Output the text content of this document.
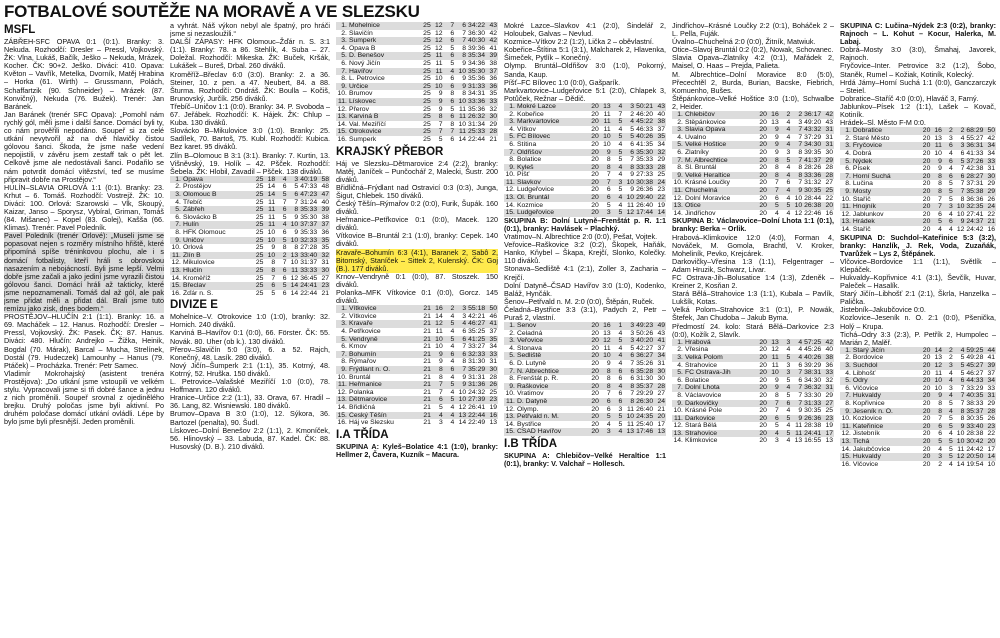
FOTBALOVÉ SOUTĚŽE NA MORAVĚ A VE SLEZSKU
MSFL

ZÁBŘEH-SFC OPAVA 0:1 (0:1). Branky: 3. Nekuda. Rozhodčí: Dresler – Pressl, Vojkovský. ŽK: Vlna, Lukáš, Bačík, Ješko – Nekuda, Mrázek, Kocher. ČK: 90+2. Ješko. Diváci: 410. Opava: Květon – Vavřík, Metelka, Dvorník, Matěj Hrabina – Horka (61. Wirth) – Grussmann, Polách, Schaffartzik (90. Schneider) – Mrázek (87. Konvičný), Nekuda (76. Bužek). Trenér: Jan Baránek.

Jan Baránek (trenér SFC Opava): „Pomohl nám rychlý gól, měli jsme i další šance. Domácí byli ty, co nám prověřili nepodáno. Soupeř si za celé utkání nevytvořil až na dvě hlavičky čistou gólovou šanci. Škoda, že jsme naše vedení nepojistili, v závěru jsem zestaff tak o pět let. Celkově jsme ale nedostávali šanci. Podařilo se nám potvrdit domácí vítězství, teď se musíme připravit dobře na Prostějov.“

HULÍN–SLAVIA ORLOVÁ 1:1 (0:1). Branky: 23. Krhut – 6. Tomáš. Rozhodčí: Vostrejž. ŽK: 10. Diváci: 100. Orlová: Szarowski – Vlk, Skoupý, Kaizar, Janso – Sporysz, Vybíral, Griman, Tomáš (84. Mišanec) – Kopel (83. Golej), Kašša (66. Klimas). Trenér: Pavel Poledník.

Pavel Poledník (trenér Orlové): „Museli jsme se popasovat nejen s rozměry místního hřiště, které připomíná spíše tréninkovou plochu, ale i s domácí fotbalisty, kteří hráli s obrovskou nasazením a nebojácností. Byli jsme lepší. Velmi dobře jsme začali a jako jediní jsme vyrazili čistou gólovou šanci. Domácí hráli až takticky, které jsme nepoznamenali. Tomáš dal až gól, ale pak jsme přidat měli a přidat dál. Brali jsme tuto remízu jako zisk, dnes bodem.“

PROSTĚJOV–HLUČÍN 2:1 (1:1). Branky: 16. a 69. Macháček – 12. Hanus. Rozhodčí: Dresler – Pressl, Vojkovský. ŽK: Pasek. ČK: 87. Hanus. Diváci: 480. Hlučín: Andrejko – Žižka, Heinik, Bogdal (70. Márak), Barcal – Mucha, Strelínek, Dostál (79. Hudeczek) Lamounhy – Hanus (79. Ptáček) – Procházka. Trenér: Petr Samec.

Vladimír Mokrohajský (asistent trenéra Prostějova): „Do utkání jsme vstoupili ve velkém stylu. Vypracovali jsme si tři dobré šance a jednu z nich proměnili. Soupeř srovnal z ojedinělého brejku. Druhý poločas jsme byli aktivní. Po druhém poločase domácí utkání ovládli. Lépe by bylo jsme byli přesnější. Jeden proměnili.

a vyhrát. Náš výkon nebyl ale špatný, pro hráči jsme si nezasloužili.“

DALŠÍ ZÁPASY: HFK Olomouc–Žďár n. S. 3:1 (1:1). Branky: 78. a 86. Stehlík, 4. Suba – 27. Doležal. Rozhodčí: Mikeska. ŽK: Buček, Kršák, Lukášek – Bureš, Drbal. 260 diváků.

Kroměříž–Břeclav 6:0 (3:0). Branky: 2. a 36. Steiner, 10. z pen. a 47. Neubert, 84. a 88. Šturma. Rozhodčí: Ondráš. ŽK: Boulla – Kočiš, Brunovský, Jurčík. 256 diváků.

Třebíč–Uničov 1:1 (0:0). Branky: 34. P. Svoboda – 67. Jeřábek. Rozhodčí: K. Hájek. ŽK: Chlup – Kuba. 130 diváků.

Slovácko B–Mikulovice 3:0 (1:0). Branky: 25. Sadílek, 70. Bartoš, 75. Kubl. Rozhodčí: Kubica. Bez karet. 95 diváků.

Zlín B–Olomouc B 3:1 (3:1). Branky: 7. Kurtin, 13. Višněvský, 19. Holík – 42. Pšček. Rozhodčí: Šebela. ŽK: Hlobil, Zavadil – Pšček. 138 diváků.

1.	Opava	25	18	4	3	40:19	58
2.	Prostějov	25	14	6	5	47:33	48
3.	Olomouc B	25	14	5	6	47:23	47
4.	Třebíč	25	11	7	7	31:24	40
5.	Zábřeh	25	11	6	8	35:33	39
6.	Slovácko B	25	11	5	9	35:30	38
7.	Hulín	25	11	4	10	37:37	37
8.	HFK Olomouc	25	10	6	9	35:33	36
9.	Uničov	25	10	5	10	32:33	35
10.	Orlová	25	9	8	8	27:28	35
11.	Zlín B	25	10	2	13	33:40	32
12.	Mikulovice	25	8	7	10	31:37	31
13.	Hlučín	25	8	6	11	33:33	30
14.	Kroměříž	25	7	6	12	36:45	27
15.	Břeclav	25	6	5	14	24:41	23
16.	Žďár n. S.	25	5	6	14	22:44	21
DIVIZE E

Mohelnice–V. Otrokovice 1:0 (1:0), branky: 32. Hornich. 240 diváků.

Karviná B–Havířov 0:1 (0:0), 66. Förster. ČK: 55. Novák. 80. Uher (ob k.). 130 diváků.

Přerov–Slavičín 5:0 (3:0), 6. a 52. Rajch, Konečný, 48. Lasík. 280 diváků.

Nový Jičín–Šumperk 2:1 (1:1), 35. Kotrný, 48. Kotrný, 52. Hruška. 150 diváků.

L. Petrovice–Valašské Meziříčí 1:0 (0:0), 78. Hoffmann. 120 diváků.

Hranice–Určice 2:2 (1:1), 33. Orava, 67. Hradil – 36. Lang, 82. Wisniewski. 180 diváků.

Brumov–Opava B 3:0 (1:0), 12. Sýkora, 36. Bartozel (penalta), 90. Šudl.

Lískovec–Dolní Benešov 2:2 (1:1), 2. Kmoníček, 56. Hlinovský – 33. Labuda, 87. Kadel. ČK: 88. Husovský (D. B.). 210 diváků.

1.	Mohelnice	25	12	7	6	34:22	43
2.	Slavičín	25	12	6	7	36:30	42
3.	Šumperk	25	12	6	7	40:30	42
4.	Opava B	25	12	5	8	39:36	41
5.	D. Benešov	25	11	6	8	35:34	39
6.	Nový Jičín	25	11	5	9	34:36	38
7.	Havířov	25	11	4	10	35:30	37
8.	L. Petrovice	25	10	6	9	35:36	36
9.	Určice	25	10	6	9	31:33	36
10.	Brumov	25	9	8	8	34:31	35
11.	Lískovec	25	9	6	10	33:36	33
12.	Přerov	25	9	5	11	35:36	32
13.	Karviná B	25	8	6	11	26:32	30
14.	Val. Meziříčí	25	7	8	10	31:34	29
15.	Otrokovice	25	7	7	11	25:33	28
16.	Šumperk	25	5	6	14	22:44	21
KRAJSKÝ PŘEBOR

Háj ve Slezsku–Dětmarovice 2:4 (2:2), branky: Matěj, Janíček – Punčochář 2, Malecki, Šustr. 200 diváků.

Břidličná–Frýdlant nad Ostravicí 0:3 (0:3), Junga, Šigut, Chlebek. 150 diváků.

Český Těšín–Rýmařov 0:2 (0:0), Furik, Šupák. 160 diváků.

Heřmanice–Petřkovice 0:1 (0:0), Macek. 120 diváků.

Vítkovice B–Bruntál 2:1 (1:0), branky: Cepek. 140 diváků.

Kravaře–Bohumín 6:3 (4:1), Baranek 2, Sabô 2, Bitomský, Staníček – Sittek 2, Kulenský. ČK: Goj (B.). 177 diváků.

Krnov–Vendryně 0:1 (0:0), 87. Stoszek. 150 diváků.

Polanka–MFK Vítkovice 0:1 (0:0), Gorcz. 145 diváků.

1.	Vítkovice	21	16	2	3	55:18	50
2.	Vítkovice	21	14	4	3	42:21	46
3.	Kravaře	21	12	5	4	46:27	41
4.	Petřkovice	21	11	4	6	35:25	37
5.	Vendryně	21	10	5	6	41:25	35
6.	Krnov	21	10	4	7	33:27	34
7.	Bohumín	21	9	6	6	32:33	33
8.	Rýmařov	21	9	4	8	31:30	31
9.	Frýdlant n. O.	21	8	6	7	35:29	30
10.	Bruntál	21	8	4	9	31:31	28
11.	Heřmanice	21	7	5	9	31:36	26
12.	Polanka	21	7	4	10	24:32	25
13.	Dětmarovice	21	6	5	10	27:39	23
14.	Břidličná	21	5	4	12	26:41	19
15.	Český Těšín	21	4	4	13	22:44	16
16.	Háj ve Slezsku	21	3	4	14	22:49	13
I.A TŘÍDA

SKUPINA A: Kyleš–Bolatice 4:1 (1:0), branky: Hellmer 2, Čavera, Kuzník – Macura.

Mokré Lazce–Slavkov 4:1 (2:0), Šindelář 2, Holoubek, Galvas – Nevlud.

Kozmice–Vítkov 2:2 (1:2), Lička 2 – oběvlastní.

Kobeřice–Štítina 5:1 (3:1), Malcharek 2, Hlavenka, Šimeček, Pytlík – Konečný.

Olymp. Bruntál–Oldřišov 3:0 (1:0), Pokorný, Sanda, Kaup.

Píšť–FC Bílovec 1:0 (0:0), Gašparík.

Markvartovice–Ludgeřovice 5:1 (2:0), Chlapek 3, Potůček, Režnar – Dědič.

1.	Mokré Lazce	20	13	4	3	50:21	43
2.	Kobeřice	20	11	7	2	46:20	40
3.	Markvartovice	20	11	5	4	45:22	38
4.	Vítkov	20	11	4	5	46:33	37
5.	FC Bílovec	20	10	5	5	40:26	35
6.	Štítina	20	10	4	6	41:35	34
7.	Oldřišov	20	9	5	6	35:30	32
8.	Bolatice	20	8	5	7	35:33	29
9.	Kyleš	20	8	4	8	33:33	28
10.	Píšť	20	7	4	9	27:33	25
11.	Slavkov	20	7	3	10	30:38	24
12.	Ludgeřovice	20	6	5	9	26:36	23
13.	Ol. Bruntál	20	6	4	10	29:40	22
14.	Kozmice	20	5	4	11	26:40	19
15.	Ludgeřovice	20	3	5	12	17:44	14

SKUPINA B: Dolní Lutyně–Frenštát p. R. 1:1 (0:1), branky: Havlásek – Plachký.

Vratimov–N. Albrechtice 2:0 (0:0), Pešat, Vojtek.

Veřovice–Raškovice 3:2 (0:2), Škopek, Haňák, Hanko, Kňybel – Škapa, Krejčí, Slonko, Kolečky. 110 diváků.

Stonava–Sedliště 4:1 (2:1), Zoller 3, Zacharia – Krejčí.

Dolní Datyně–ČSAD Havířov 3:0 (1:0), Kodenko, Baláž, Hynčák.

Šenov–Petřvald n. M. 2:0 (0:0), Štěpán, Ruček.

Čeladná–Bystřice 3:3 (3:1), Padych 2, Petr – Puraš 2, vlastní.

1.	Šenov	20	16	1	3	49:23	49
2.	Čeladná	20	13	4	3	50:26	43
3.	Veřovice	20	12	5	3	40:20	41
4.	Stonava	20	11	4	5	42:27	37
5.	Sedliště	20	10	4	6	36:27	34
6.	D. Lutyně	20	9	4	7	35:26	31
7.	N. Albrechtice	20	8	6	6	35:28	30
8.	Frenštát p. R.	20	8	6	6	31:30	30
9.	Raškovice	20	8	4	8	35:37	28
10.	Vratimov	20	7	6	7	29:29	27
11.	D. Datyně	20	6	6	8	26:30	24
12.	Olymp.	20	6	3	11	26:40	21
13.	Petřvald n. M.	20	5	5	10	24:35	20
14.	Bystřice	20	4	5	11	25:40	17
15.	ČSAD Havířov	20	3	4	13	17:46	13
I.B TŘÍDA

SKUPINA A: Chlebičov–Velké Heraltice 1:1 (0:1), branky: V. Valchař – Hollesch.

Jindřichov–Krásné Loučky 2:2 (0:1), Boháček 2 – L. Pella, Fuják.

Úvalno–Chuchelná 2:0 (0:0), Žitník, Matwiuk.

Otice–Slavoj Bruntál 0:2 (0:2), Nowak, Schovanec.

Slavia Opava–Zlatníky 4:2 (0:1), Mařádek 2, Maisel, O. Haas – Prejda, Palieta.

M. Albrechtice–Dolní Moravice 8:0 (5:0), Přecechtěl 2, Burda, Burian, Bacske, Fiebrich, Komuenho, Bušes.

Štěpánkovice–Velké Hoštice 3:0 (1:0), Schwalbe 2, Heider.

1.	Chlebičov	20	16	2	2	36:17	42
2.	Štěpánkovice	20	13	4	3	49:20	43
3.	Slavia Opava	20	9	4	7	43:32	31
4.	Úvalno	20	9	4	7	37:29	31
5.	Velké Hoštice	20	9	4	7	34:30	31
6.	Zlatníky	20	9	3	8	39:35	30
7.	M. Albrechtice	20	8	5	7	41:37	29
8.	Sl. Bruntál	20	8	4	8	28:26	28
9.	Velké Heraltice	20	8	4	8	33:36	28
10.	Krásné Loučky	20	7	6	7	31:32	27
11.	Chuchelná	20	7	4	9	30:35	25
12.	Dolní Moravice	20	6	4	10	28:44	22
13.	Otice	20	5	5	10	26:38	20
14.	Jindřichov	20	4	4	12	22:46	16

SKUPINA B: Václavovice–Dolní Lhota 1:1 (0:1), branky: Berka – Orlik.

Hrabová–Klimkovice 12:0 (4:0), Forman 4, Nováček, M. Gomola, Brachtl, V. Kroker, Moheliník, Pevko, Krejcárek.

Darkovičky–Vřesina 1:3 (1:1), Felgentrager – Adam Hruzik, Schwarz, Livar.

FC Ostrava-Jih–Bolusatice 1:4 (1:3), Zdeněk – Kreiner 2, Kosňan 2.

Stará Bělá–Strahovice 1:3 (1:1), Kubala – Pavlík, Lukšík, Kotas.

Velká Polom–Strahovice 3:1 (0:1), P. Nowák, Štefek, Jan Chudoba – Jakub Byma.

Předmostí 24. kolo: Stará Bělá–Darkovice 2:3 (0:0), Kožík 2, Slavík.

1.	Hrabová	20	13	3	4	57:25	42
2.	Vřesina	20	12	4	4	45:26	40
3.	Velká Polom	20	11	5	4	40:26	38
4.	Strahovice	20	11	3	6	39:29	36
5.	FC Ostrava-Jih	20	10	3	7	38:31	33
6.	Bolatice	20	9	5	6	34:30	32
7.	Dolní Lhota	20	9	4	7	36:32	31
8.	Václavovice	20	8	5	7	33:30	29
9.	Darkovičky	20	7	6	7	31:33	27
10.	Krásné Pole	20	7	4	9	30:35	25
11.	Darkovice	20	6	5	9	26:36	23
12.	Stará Bělá	20	5	4	11	28:38	19
13.	Strahovice	20	4	5	11	24:41	17
14.	Klimkovice	20	3	4	13	16:55	13

SKUPINA C: Lučina–Nýdek 2:3 (0:2), branky: Rajnoch – L. Kohut – Kocur, Halerka, M. Labaj.

Dobrá–Mosty 3:0 (3:0), Šmahaj, Javorek, Rajnoch.

Fryčovice–Inter. Petrovice 3:2 (1:2), Šobo, Staněk, Rumel – Kožiak, Kotiník, Kolecký.

Hrdá Jámy–Horní Suchá 1:1 (0:0), Ganczarczyk – Steiel.

Dobratice–Staříč 4:0 (0:0), Hlaváč 3, Farný.

Jablunkov–Písek 1:2 (1:1), Lašek – Kovač, Kotiník.

Hrádek–Sl. Město F-M 0:0.

1.	Dobratice	20	16	2	2	68:29	50
2.	Staré Město	20	13	3	4	55:27	42
3.	Fryčovice	20	11	6	3	36:31	34
4.	Dobrá	20	10	4	6	41:33	34
5.	Nýdek	20	9	6	5	37:26	33
6.	Písek	20	9	4	7	42:38	31
7.	Horní Suchá	20	8	6	6	28:27	30
8.	Lučina	20	8	5	7	37:31	29
9.	Mosty	20	8	5	7	35:38	29
10.	Staříč	20	7	5	8	36:36	26
11.	Hnojník	20	7	3	10	32:35	24
12.	Jablunkov	20	6	4	10	27:41	22
13.	Hrádek	20	5	6	9	24:37	21
14.	Staříč	20	4	4	12	24:42	16

SKUPINA D: Suchdol–Kateřinice 5:3 (3:2), branky: Hanzlík, J. Rek, Voda, Zuzaňák, Tvarůžek – Lys 2, Štěpánek.

Vlčovice–Bordovice 1:1 (1:1), Světlík – Klepáček.

Hukvaldy–Kopřivnice 4:1 (3:1), Ševčík, Huvar, Paleček – Hasalík.

Starý Jičín–Libhošť 2:1 (2:1), Škrla, Hanzelka – Palička.

Jistebník–Jakubčovice 0:0.

Kozlovice–Jeseník n. O. 2:1 (0:0), Pšenička, Holý – Krupa.

Tichá–Odry 3:3 (2:3), P. Petřík 2, Humpolec – Marián 2, Malěř.

1.	Starý Jičín	20	14	2	4	59:25	44
2.	Bordovice	20	13	2	5	49:28	41
3.	Suchdol	20	12	3	5	45:27	39
4.	Libhošť	20	11	4	5	46:27	37
5.	Odry	20	10	4	6	44:33	34
6.	Vlčovice	20	10	3	7	33:29	33
7.	Hukvaldy	20	9	4	7	40:35	31
8.	Kopřivnice	20	8	5	7	38:33	29
9.	Jeseník n. O.	20	8	4	8	35:37	28
10.	Kozlovice	20	7	5	8	30:35	26
11.	Kateřinice	20	6	5	9	33:40	23
12.	Jistebník	20	6	4	10	28:38	22
13.	Tichá	20	5	5	10	30:42	20
14.	Jakubčovice	20	4	5	11	24:42	17
15.	Hukvaldy	20	3	5	12	20:50	14
16.	Vlčovice	20	2	4	14	19:54	10
